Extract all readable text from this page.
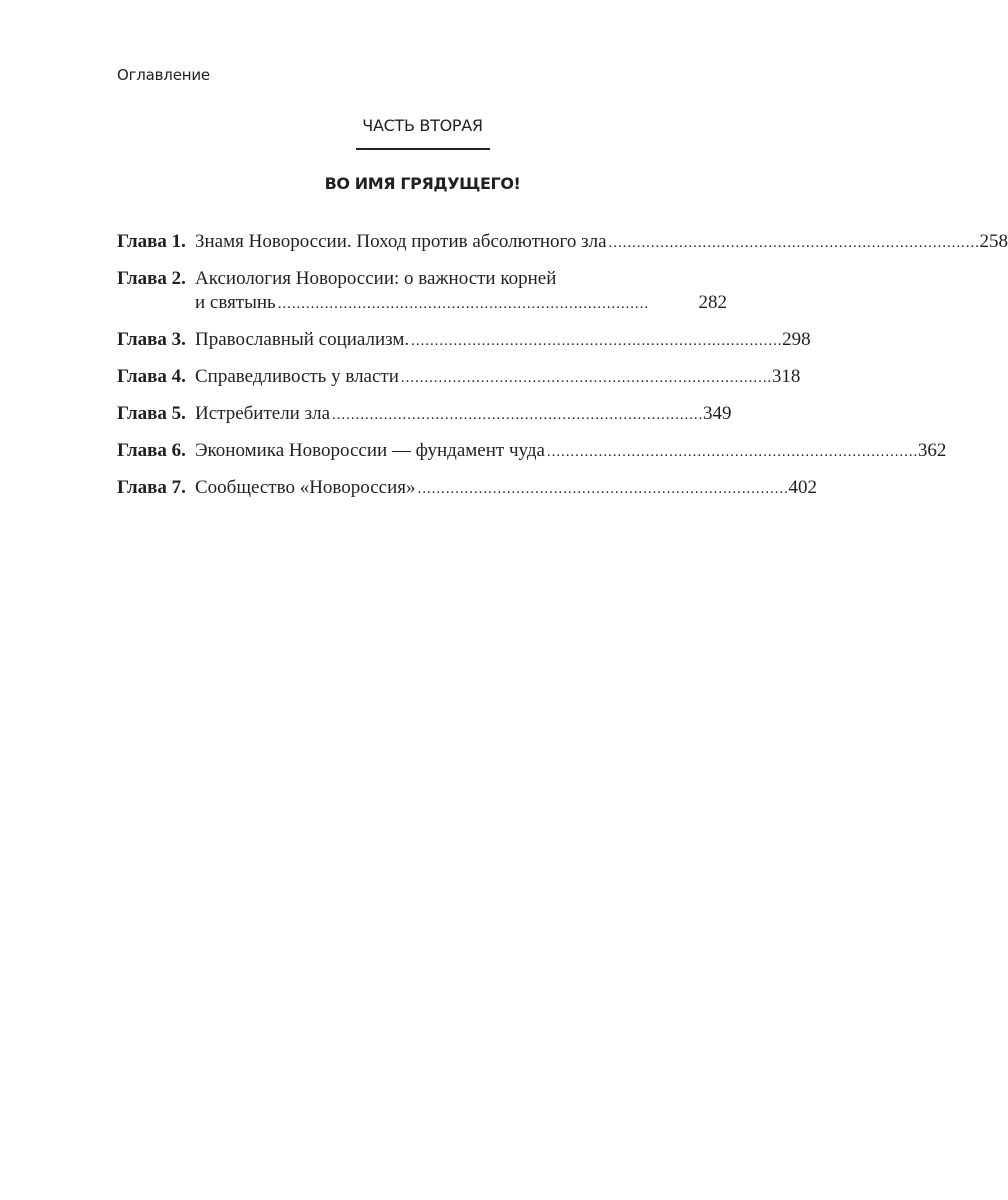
Оглавление
ЧАСТЬ ВТОРАЯ
ВО ИМЯ ГРЯДУЩЕГО!
Глава 1. Знамя Новороссии. Поход против абсолютного зла . . .	258
Глава 2. Аксиология Новороссии: о важности корней
и святынь . . .	282
Глава 3. Православный социализм. . . .	298
Глава 4. Справедливость у власти . . .	318
Глава 5. Истребители зла . . .	349
Глава 6. Экономика Новороссии — фундамент чуда . . .	362
Глава 7. Сообщество «Новороссия» . . .	402
